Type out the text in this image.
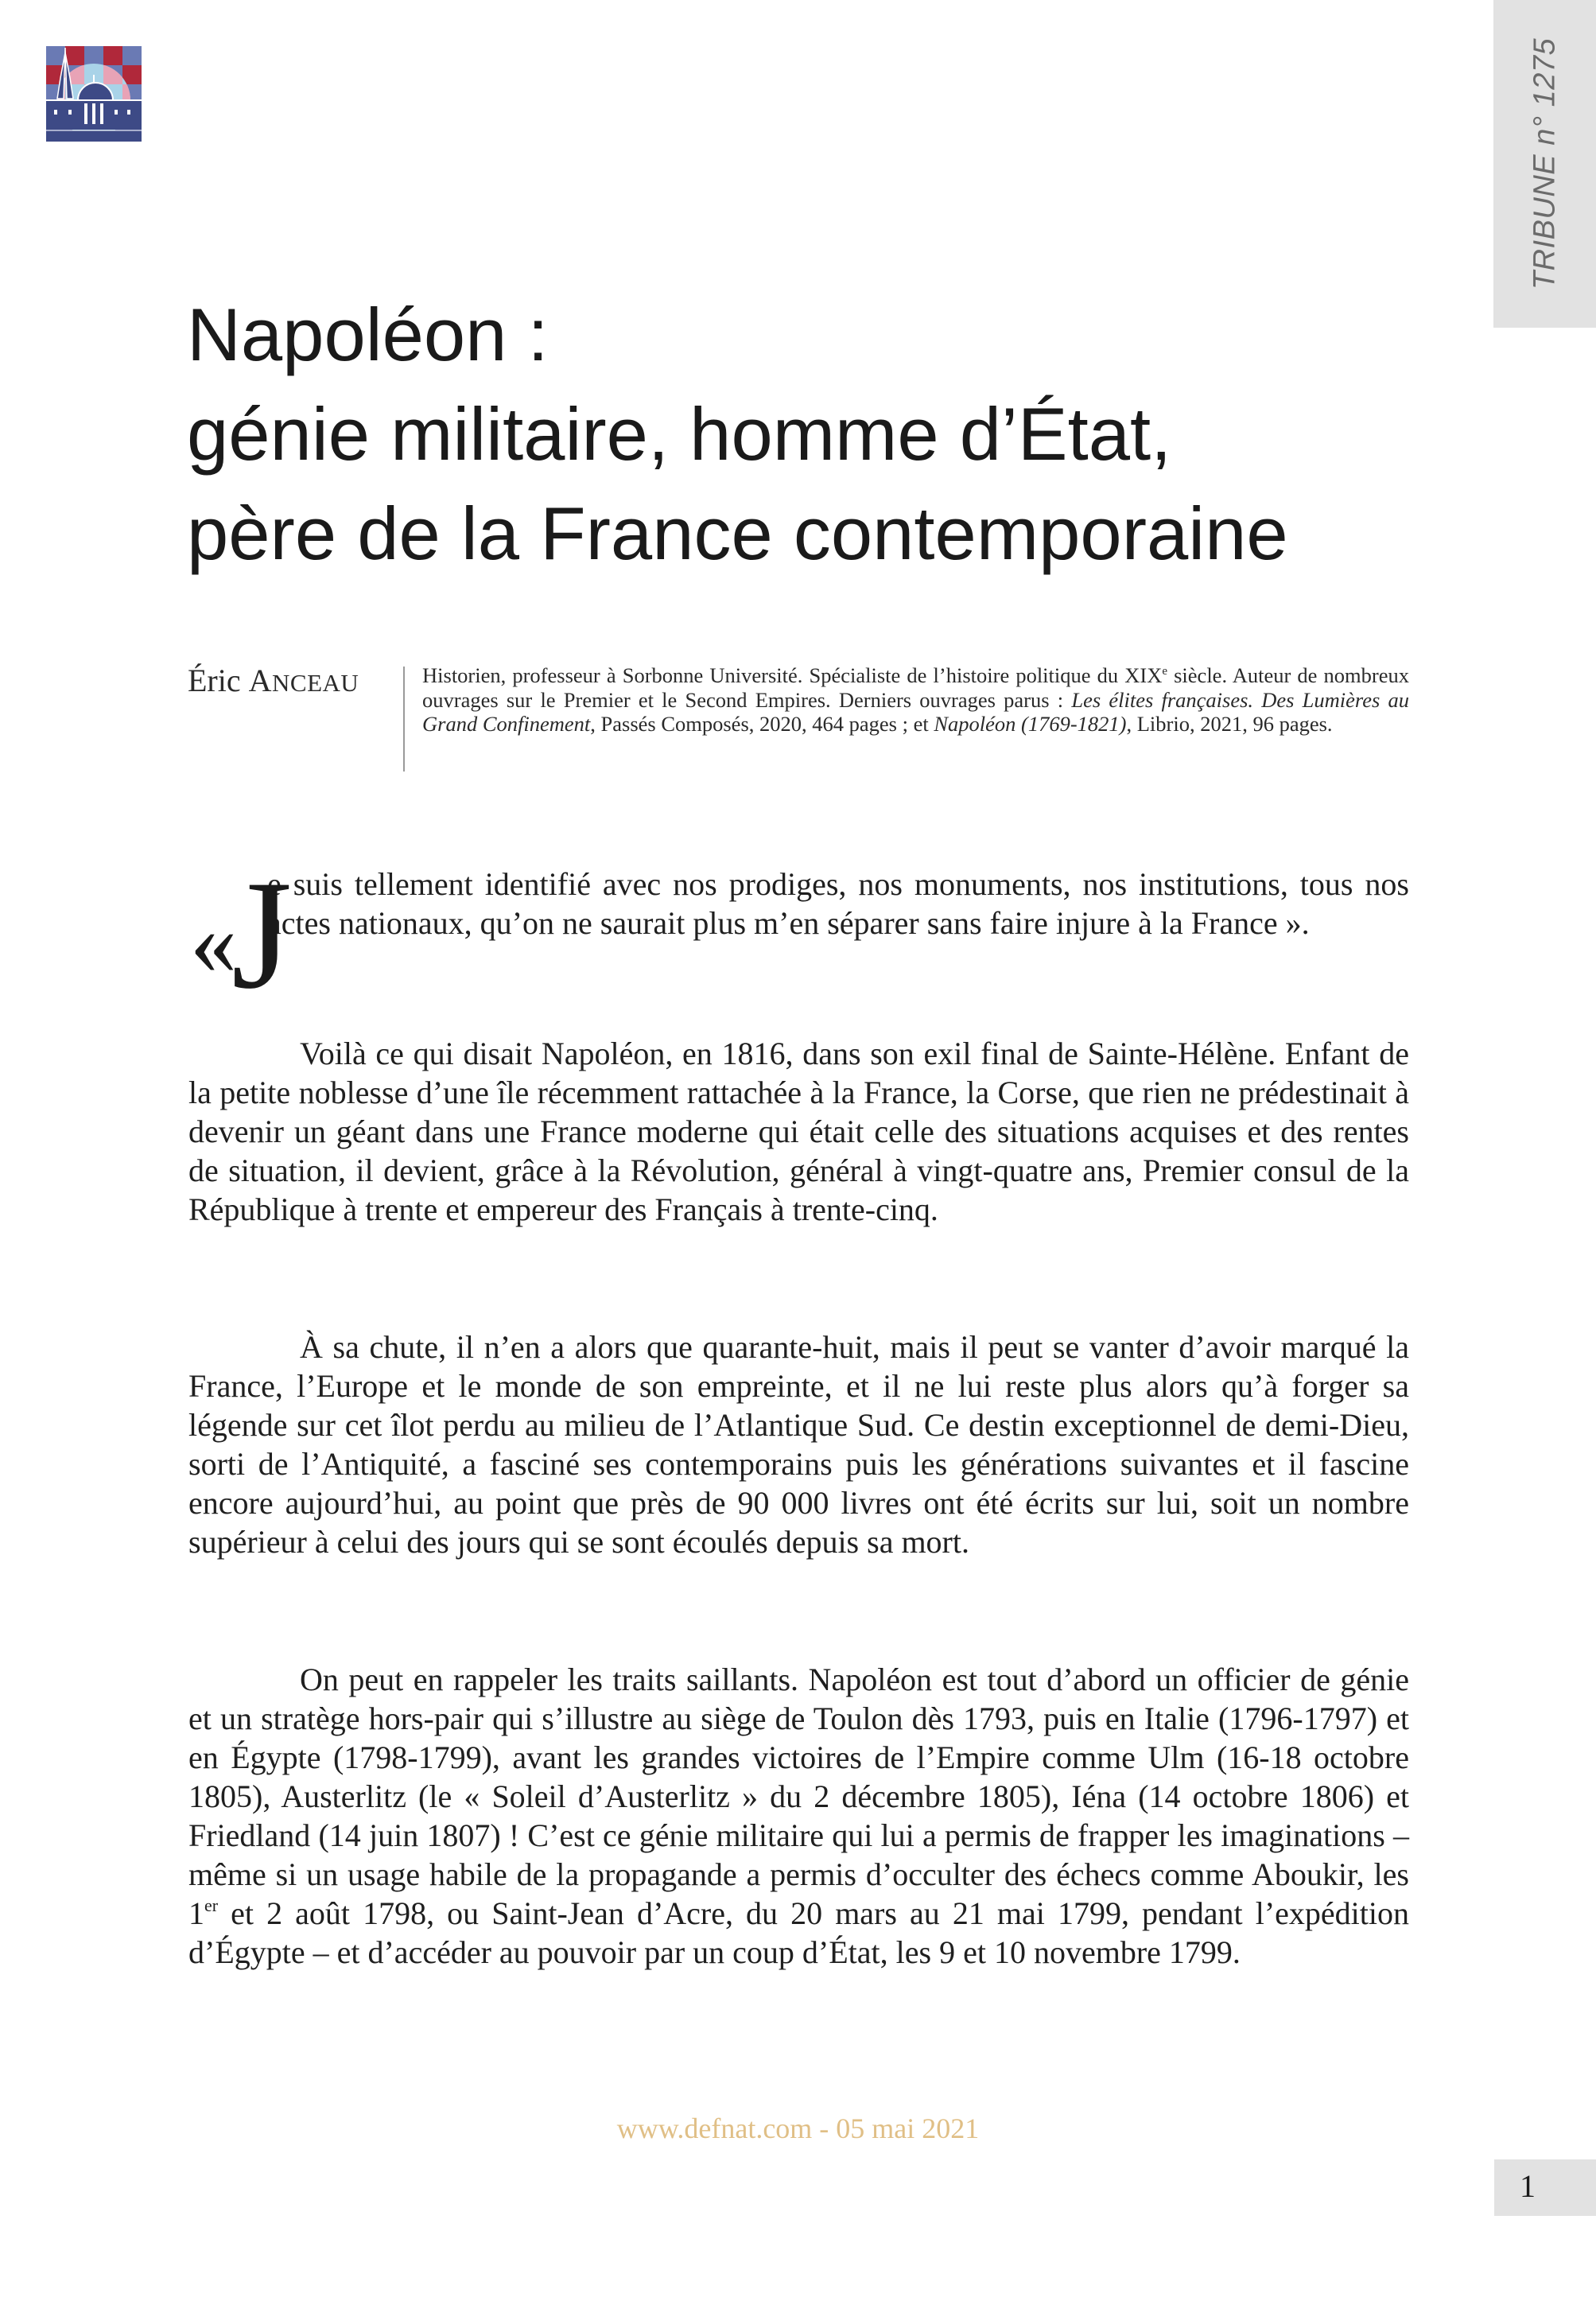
TRIBUNE n° 1275
Napoléon :
génie militaire, homme d’État,
père de la France contemporaine
Éric ANCEAU	Historien, professeur à Sorbonne Université. Spécialiste de l’histoire politique du XIXe siècle. Auteur de nombreux ouvrages sur le Premier et le Second Empires. Derniers ouvrages parus : Les élites françaises. Des Lumières au Grand Confinement, Passés Composés, 2020, 464 pages ; et Napoléon (1769-1821), Librio, 2021, 96 pages.

«
J

e suis tellement identifié avec nos prodiges, nos monuments, nos institutions, tous nos actes nationaux, qu’on ne saurait plus m’en séparer sans faire injure à la France ».

Voilà ce qui disait Napoléon, en 1816, dans son exil final de Sainte-Hélène. Enfant de la petite noblesse d’une île récemment rattachée à la France, la Corse, que rien ne prédestinait à devenir un géant dans une France moderne qui était celle des situations acquises et des rentes de situation, il devient, grâce à la Révolution, général à vingt-quatre ans, Premier consul de la République à trente et empereur des Français à trente-cinq.

À sa chute, il n’en a alors que quarante-huit, mais il peut se vanter d’avoir marqué la France, l’Europe et le monde de son empreinte, et il ne lui reste plus alors qu’à forger sa légende sur cet îlot perdu au milieu de l’Atlantique Sud. Ce destin exceptionnel de demi-Dieu, sorti de l’Antiquité, a fasciné ses contemporains puis les générations suivantes et il fascine encore aujourd’hui, au point que près de 90 000 livres ont été écrits sur lui, soit un nombre supérieur à celui des jours qui se sont écoulés depuis sa mort.

On peut en rappeler les traits saillants. Napoléon est tout d’abord un officier de génie et un stratège hors-pair qui s’illustre au siège de Toulon dès 1793, puis en Italie (1796-1797) et en Égypte (1798-1799), avant les grandes victoires de l’Empire comme Ulm (16-18 octobre 1805), Austerlitz (le « Soleil d’Austerlitz » du 2 décembre 1805), Iéna (14 octobre 1806) et Friedland (14 juin 1807) ! C’est ce génie militaire qui lui a permis de frapper les imaginations – même si un usage habile de la propagande a permis d’occulter des échecs comme Aboukir, les 1er et 2 août 1798, ou Saint-Jean d’Acre, du 20 mars au 21 mai 1799, pendant l’expédition d’Égypte – et d’accéder au pouvoir par un coup d’État, les 9 et 10 novembre 1799.

www.defnat.com - 05 mai 2021
1
